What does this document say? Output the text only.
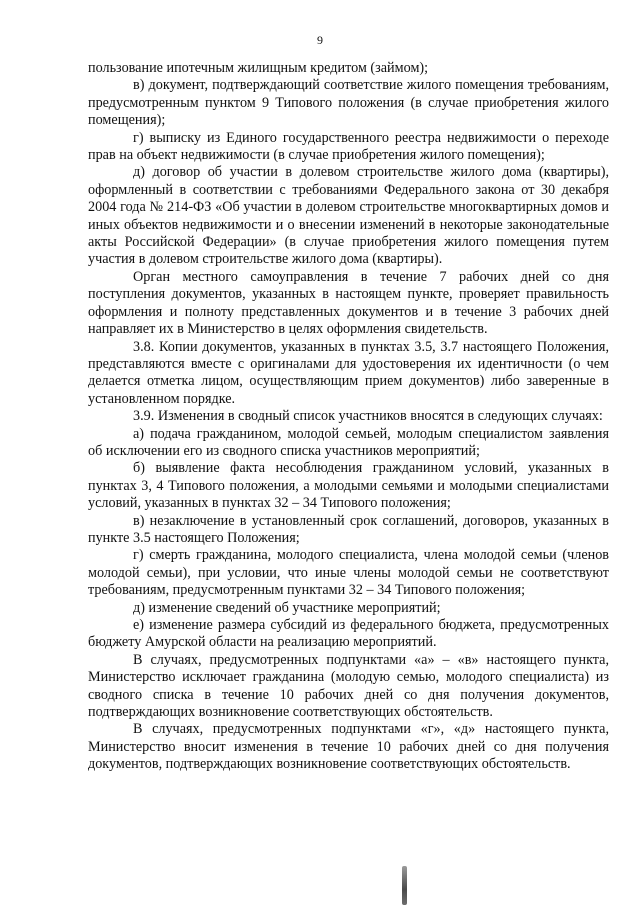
9

пользование ипотечным жилищным кредитом (займом);

в) документ, подтверждающий соответствие жилого помещения требованиям, предусмотренным пунктом 9 Типового положения (в случае приобретения жилого помещения);

г) выписку из Единого государственного реестра недвижимости о переходе прав на объект недвижимости (в случае приобретения жилого помещения);

д) договор об участии в долевом строительстве жилого дома (квартиры), оформленный в соответствии с требованиями Федерального закона от 30 декабря 2004 года № 214-ФЗ «Об участии в долевом строительстве многоквартирных домов и иных объектов недвижимости и о внесении изменений в некоторые законодательные акты Российской Федерации» (в случае приобретения жилого помещения путем участия в долевом строительстве жилого дома (квартиры).

Орган местного самоуправления в течение 7 рабочих дней со дня поступления документов, указанных в настоящем пункте, проверяет правильность оформления и полноту представленных документов и в течение 3 рабочих дней направляет их в Министерство в целях оформления свидетельств.

3.8. Копии документов, указанных в пунктах 3.5, 3.7 настоящего Положения, представляются вместе с оригиналами для удостоверения их идентичности (о чем делается отметка лицом, осуществляющим прием документов) либо заверенные в установленном порядке.

3.9. Изменения в сводный список участников вносятся в следующих случаях:

а) подача гражданином, молодой семьей, молодым специалистом заявления об исключении его из сводного списка участников мероприятий;

б) выявление факта несоблюдения гражданином условий, указанных в пунктах 3, 4 Типового положения, а молодыми семьями и молодыми специалистами условий, указанных в пунктах 32 – 34 Типового положения;

в) незаключение в установленный срок соглашений, договоров, указанных в пункте 3.5 настоящего Положения;

г) смерть гражданина, молодого специалиста, члена молодой семьи (членов молодой семьи), при условии, что иные члены молодой семьи не соответствуют требованиям, предусмотренным пунктами 32 – 34 Типового положения;

д) изменение сведений об участнике мероприятий;

е) изменение размера субсидий из федерального бюджета, предусмотренных бюджету Амурской области на реализацию мероприятий.

В случаях, предусмотренных подпунктами «а» – «в» настоящего пункта, Министерство исключает гражданина (молодую семью, молодого специалиста) из сводного списка в течение 10 рабочих дней со дня получения документов, подтверждающих возникновение соответствующих обстоятельств.

В случаях, предусмотренных подпунктами «г», «д» настоящего пункта, Министерство вносит изменения в течение 10 рабочих дней со дня получения документов, подтверждающих возникновение соответствующих обстоятельств.
